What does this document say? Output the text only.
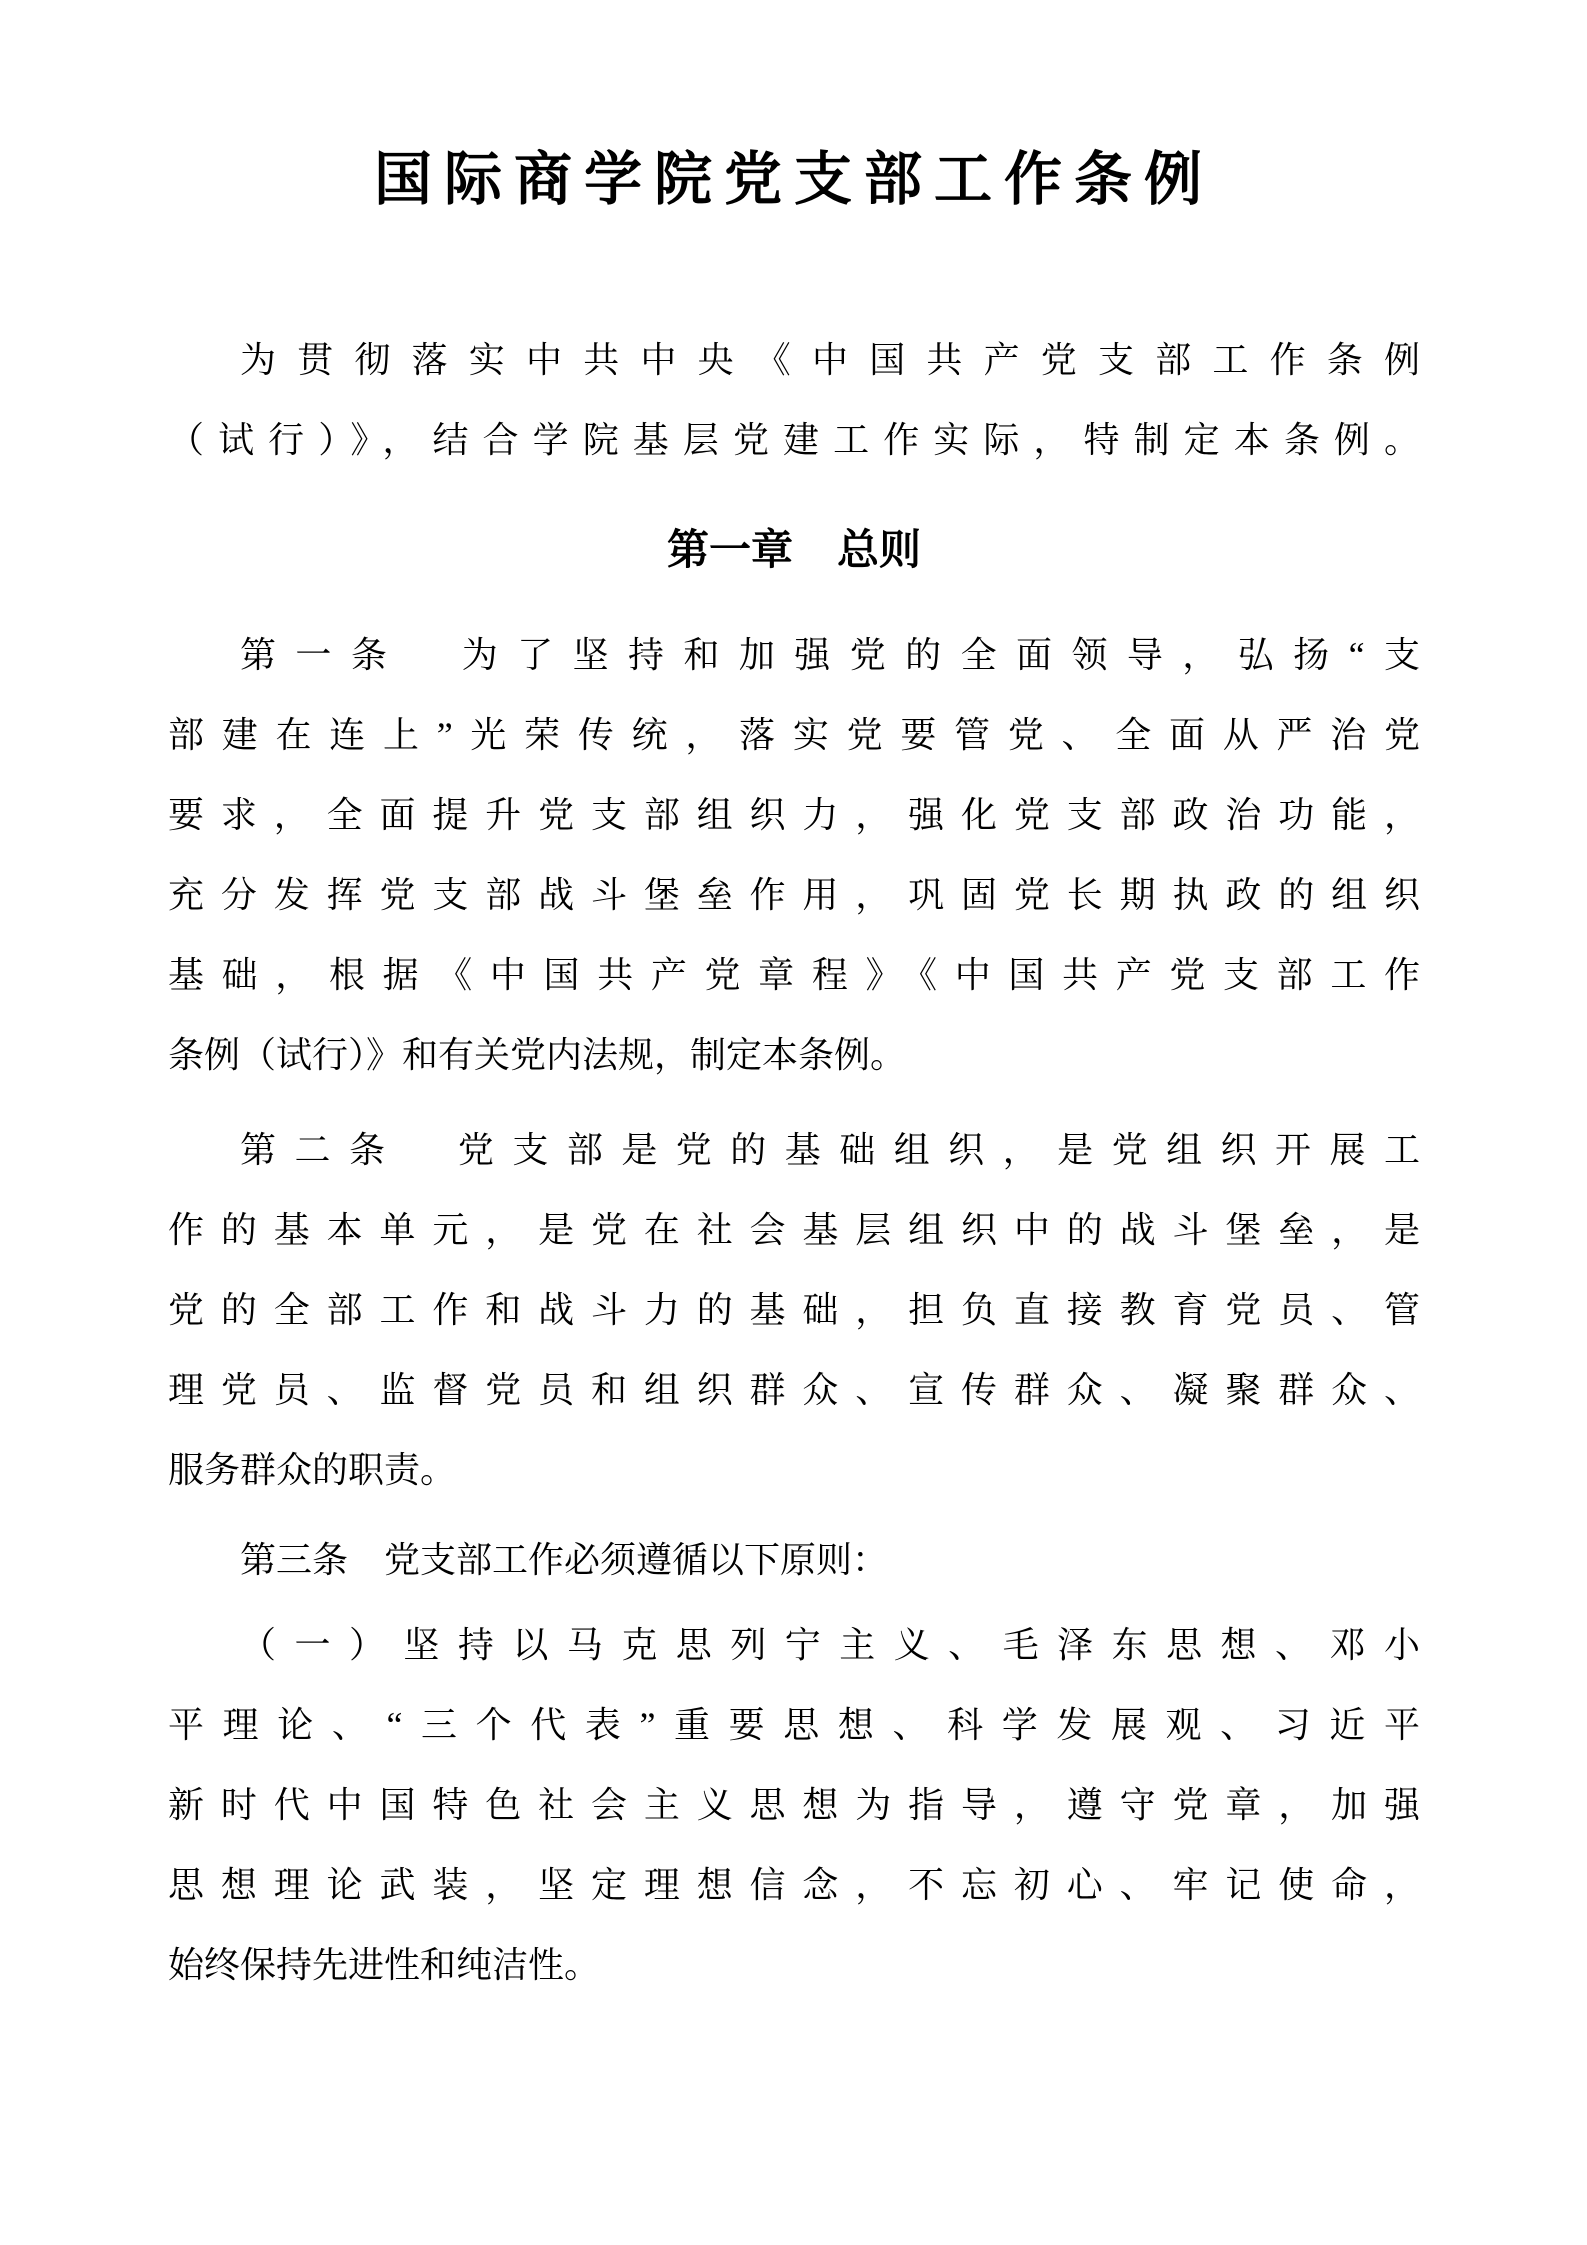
国际商学院党支部工作条例
为贯彻落实中共中央《中国共产党支部工作条例
（试行）》，结合学院基层党建工作实际，特制定本条例。
第一章 总则
第一条　为了坚持和加强党的全面领导，弘扬“支
部建在连上”光荣传统，落实党要管党、全面从严治党
要求，全面提升党支部组织力，强化党支部政治功能，
充分发挥党支部战斗堡垒作用，巩固党长期执政的组织
基础，根据《中国共产党章程》《中国共产党支部工作
条例（试行）》和有关党内法规，制定本条例。
第二条　党支部是党的基础组织，是党组织开展工
作的基本单元，是党在社会基层组织中的战斗堡垒，是
党的全部工作和战斗力的基础，担负直接教育党员、管
理党员、监督党员和组织群众、宣传群众、凝聚群众、
服务群众的职责。
第三条　党支部工作必须遵循以下原则：
（一）坚持以马克思列宁主义、毛泽东思想、邓小
平理论、“三个代表”重要思想、科学发展观、习近平
新时代中国特色社会主义思想为指导，遵守党章，加强
思想理论武装，坚定理想信念，不忘初心、牢记使命，
始终保持先进性和纯洁性。
